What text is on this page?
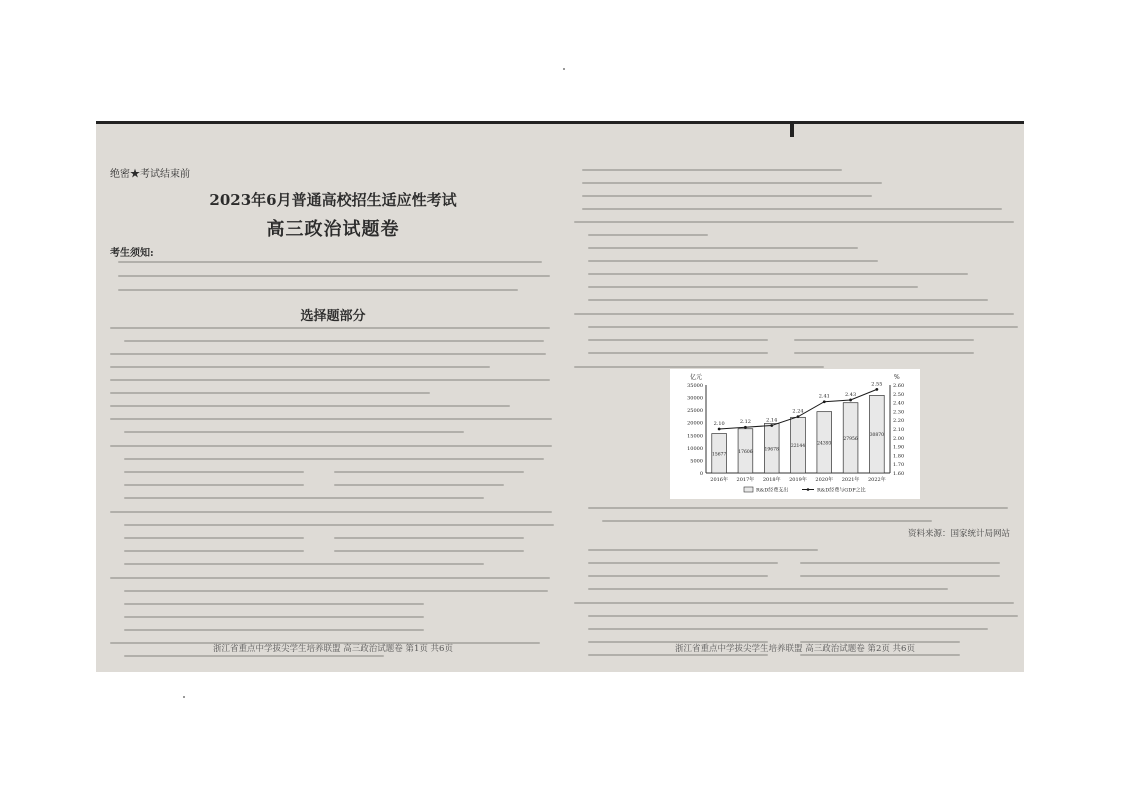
绝密★考试结束前
2023年6月普通高校招生适应性考试
高三政治试题卷
考生须知:
选择题部分
浙江省重点中学拔尖学生培养联盟 高三政治试题卷 第1页 共6页
亿元	%
0
5000
10000
15000
20000
25000
30000
35000
1.60
1.70
1.80
1.90
2.00
2.10
2.20
2.30
2.40
2.50
2.60
15677
2016年
17606
2017年
19678
2018年
22144
2019年
24393
2020年
27956
2021年
30870
2022年
2.10	2.12	2.14
2.24
2.41	2.43
2.55
R&D经费支出	R&D经费与GDP之比
资料来源：国家统计局网站
浙江省重点中学拔尖学生培养联盟 高三政治试题卷 第2页 共6页
